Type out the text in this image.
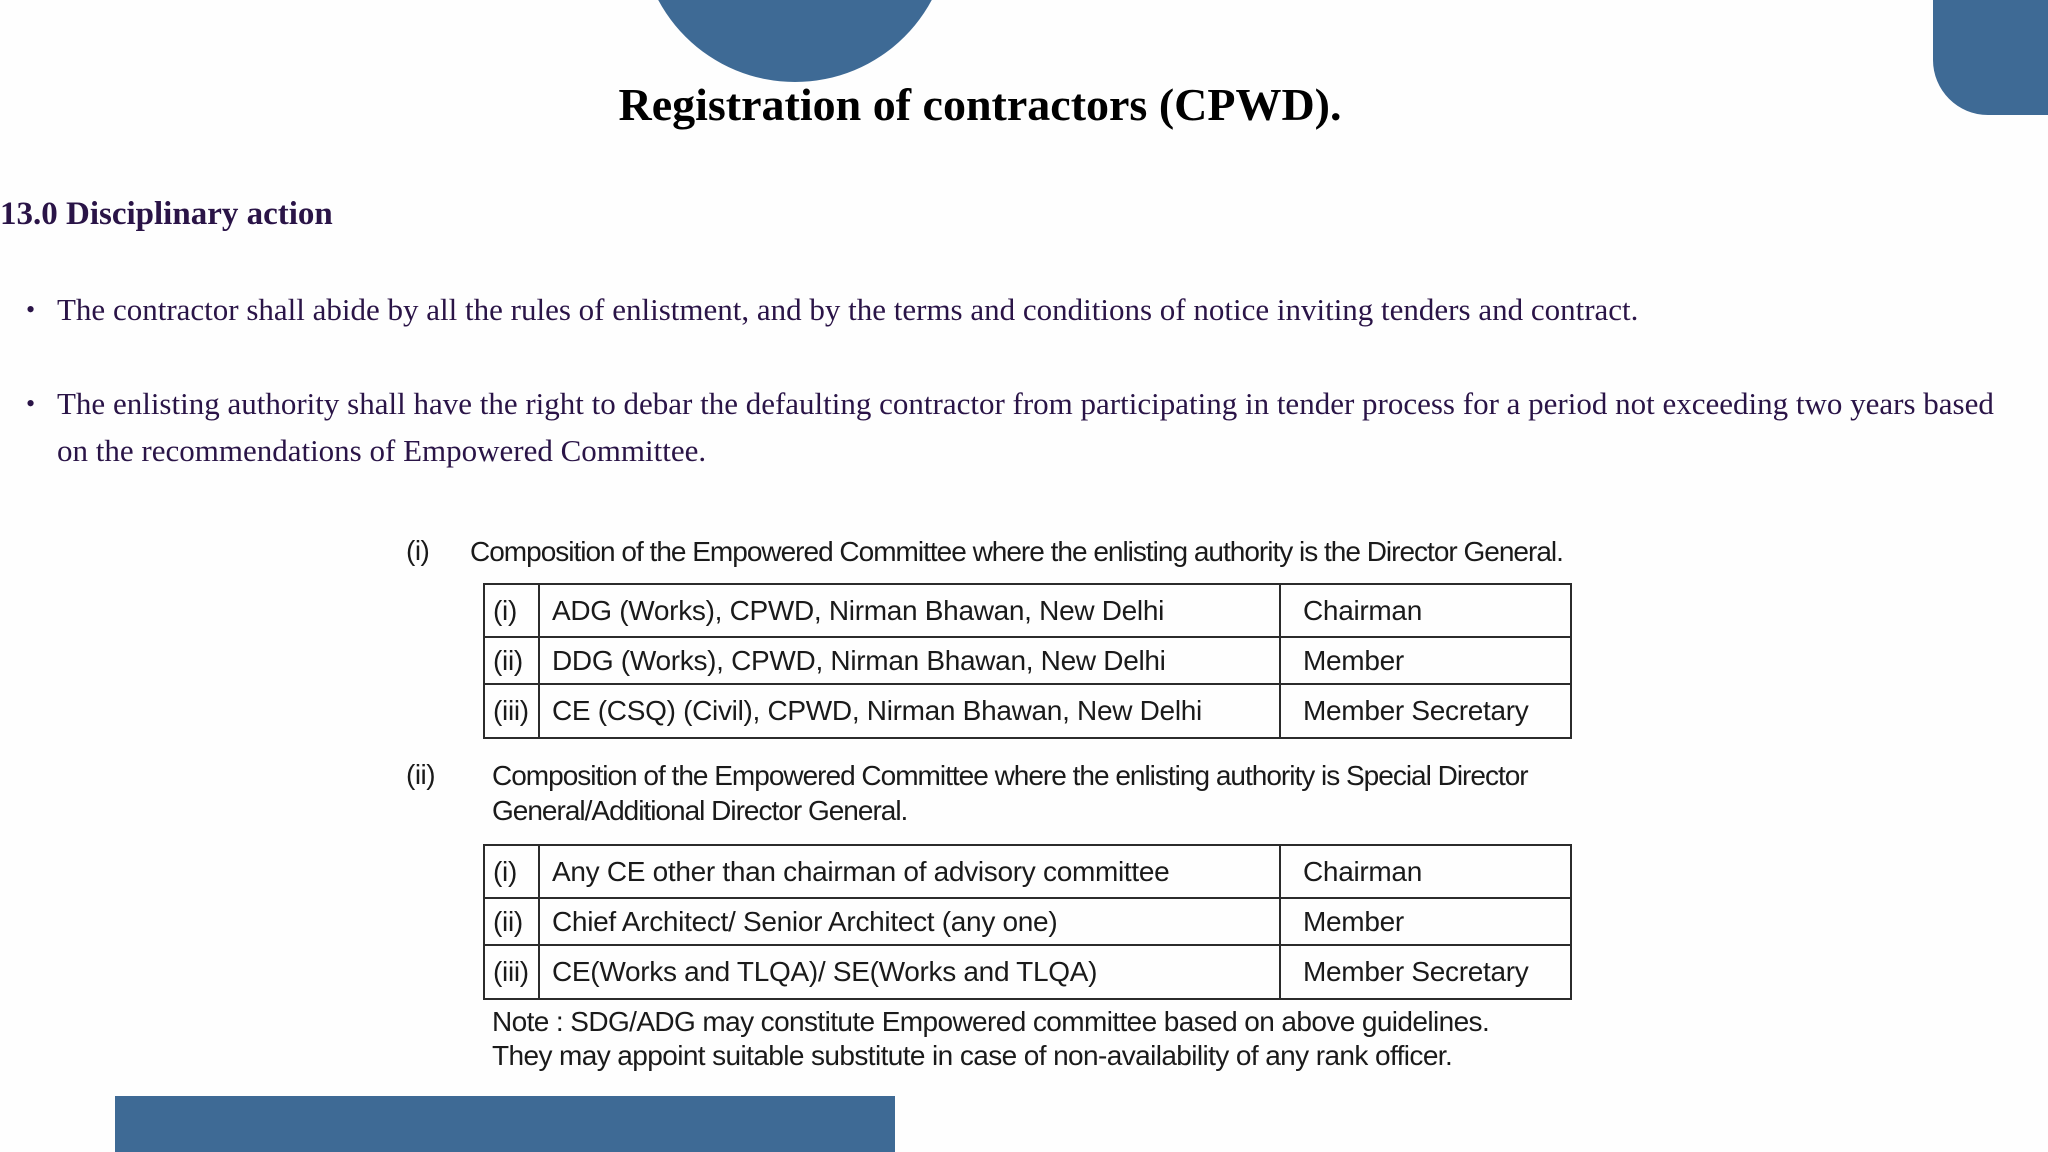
Registration of contractors (CPWD).
13.0 Disciplinary action
• The contractor shall abide by all the rules of enlistment, and by the terms and conditions of notice inviting tenders and contract.
• The enlisting authority shall have the right to debar the defaulting contractor from participating in tender process for a period not exceeding two years based on the recommendations of Empowered Committee.
(i) Composition of the Empowered Committee where the enlisting authority is the Director General.
(i)	ADG (Works), CPWD, Nirman Bhawan, New Delhi	Chairman
(ii)	DDG (Works), CPWD, Nirman Bhawan, New Delhi	Member
(iii)	CE (CSQ) (Civil), CPWD, Nirman Bhawan, New Delhi	Member Secretary
(ii) Composition of the Empowered Committee where the enlisting authority is Special Director
General/Additional Director General.
(i)	Any CE other than chairman of advisory committee	Chairman
(ii)	Chief Architect/ Senior Architect (any one)	Member
(iii)	CE(Works and TLQA)/ SE(Works and TLQA)	Member Secretary
Note : SDG/ADG may constitute Empowered committee based on above guidelines.
They may appoint suitable substitute in case of non-availability of any rank officer.
